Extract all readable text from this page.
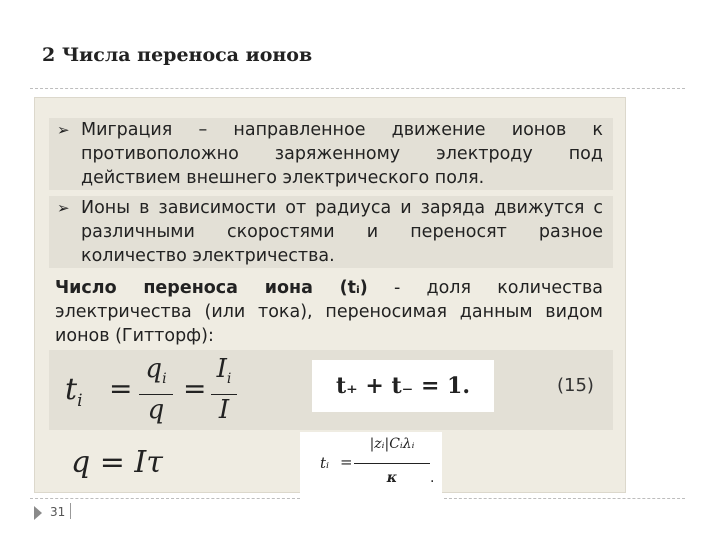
2 Числа переноса ионов
➢ Миграция – направленное движение ионов к противоположно заряженному электроду под действием внешнего электрического поля.
➢ Ионы в зависимости от радиуса и заряда движутся с различными скоростями и переносят разное количество электричества.

Число переноса иона (tᵢ) - доля количества электричества (или тока), переносимая данным видом ионов (Гитторф):

$t_i$ =
$q_i$
q
=
$I_i$
I
t₊ + t₋ = 1.	(15)
q = Iτ	tᵢ =
|zᵢ|Cᵢλᵢ
κ	.
31
